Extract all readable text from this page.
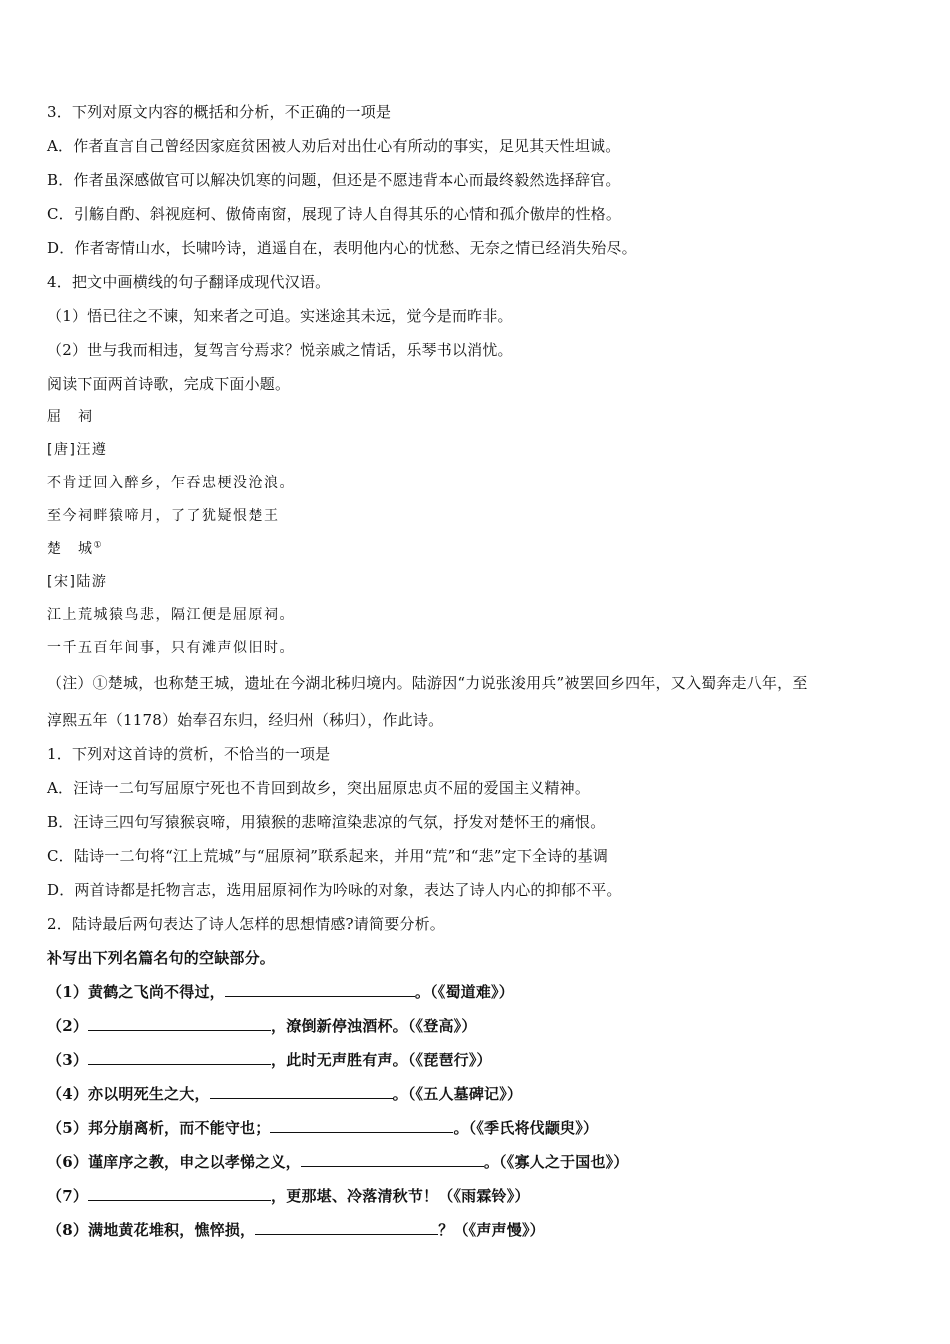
3．下列对原文内容的概括和分析，不正确的一项是
A．作者直言自己曾经因家庭贫困被人劝后对出仕心有所动的事实，足见其天性坦诚。
B．作者虽深感做官可以解决饥寒的问题，但还是不愿违背本心而最终毅然选择辞官。
C．引觞自酌、斜视庭柯、傲倚南窗，展现了诗人自得其乐的心情和孤介傲岸的性格。
D．作者寄情山水，长啸吟诗，逍遥自在，表明他内心的忧愁、无奈之情已经消失殆尽。
4．把文中画横线的句子翻译成现代汉语。
（1）悟已往之不谏，知来者之可追。实迷途其未远，觉今是而昨非。
（2）世与我而相违，复驾言兮焉求？悦亲戚之情话，乐琴书以消忧。
阅读下面两首诗歌，完成下面小题。
屈　祠
[唐]汪遵
不肯迂回入醉乡，乍吞忠梗没沧浪。
至今祠畔猿啼月，了了犹疑恨楚王
楚　城①
[宋]陆游
江上荒城猿鸟悲，隔江便是屈原祠。
一千五百年间事，只有滩声似旧时。
（注）①楚城，也称楚王城，遗址在今湖北秭归境内。陆游因“力说张浚用兵”被罢回乡四年，又入蜀奔走八年，至
淳熙五年（1178）始奉召东归，经归州（秭归），作此诗。
1．下列对这首诗的赏析，不恰当的一项是
A．汪诗一二句写屈原宁死也不肯回到故乡，突出屈原忠贞不屈的爱国主义精神。
B．汪诗三四句写猿猴哀啼，用猿猴的悲啼渲染悲凉的气氛，抒发对楚怀王的痛恨。
C．陆诗一二句将“江上荒城”与“屈原祠”联系起来，并用“荒”和“悲”定下全诗的基调
D．两首诗都是托物言志，选用屈原祠作为吟咏的对象，表达了诗人内心的抑郁不平。
2．陆诗最后两句表达了诗人怎样的思想情感?请简要分析。
补写出下列名篇名句的空缺部分。
（1）黄鹤之飞尚不得过，	。（《蜀道难》）
（2）	，潦倒新停浊酒杯。（《登高》）
（3）	，此时无声胜有声。（《琵琶行》）
（4）亦以明死生之大，	。（《五人墓碑记》）
（5）邦分崩离析，而不能守也；	。（《季氏将伐颛臾》）
（6）谨庠序之教，申之以孝悌之义，	。（《寡人之于国也》）
（7）	，更那堪、冷落清秋节！（《雨霖铃》）
（8）满地黄花堆积，憔悴损，	？（《声声慢》）
